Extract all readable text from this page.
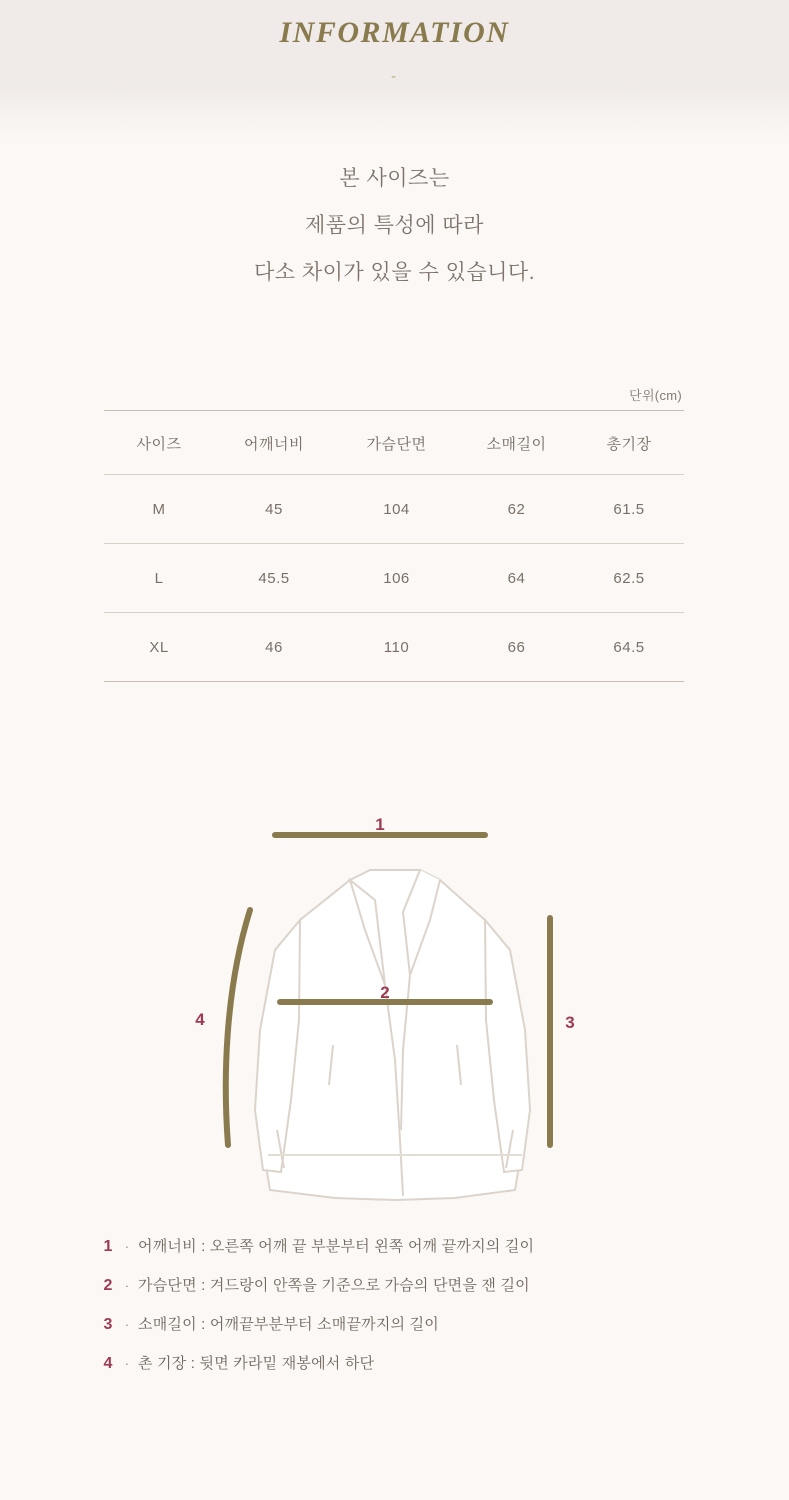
INFORMATION
-
본 사이즈는
제품의 특성에 따라
다소 차이가 있을 수 있습니다.
단위(cm)
사이즈	어깨너비	가슴단면	소매길이	총기장
M	45	104	62	61.5
L	45.5	106	64	62.5
XL	46	110	66	64.5
1
2
3
4
1 · 어깨너비 : 오른쪽 어깨 끝 부분부터 왼쪽 어깨 끝까지의 길이
2 · 가슴단면 : 겨드랑이 안쪽을 기준으로 가슴의 단면을 잰 길이
3 · 소매길이 : 어깨끝부분부터 소매끝까지의 길이
4 · 촌 기장 : 뒷면 카라밑 재봉에서 하단
